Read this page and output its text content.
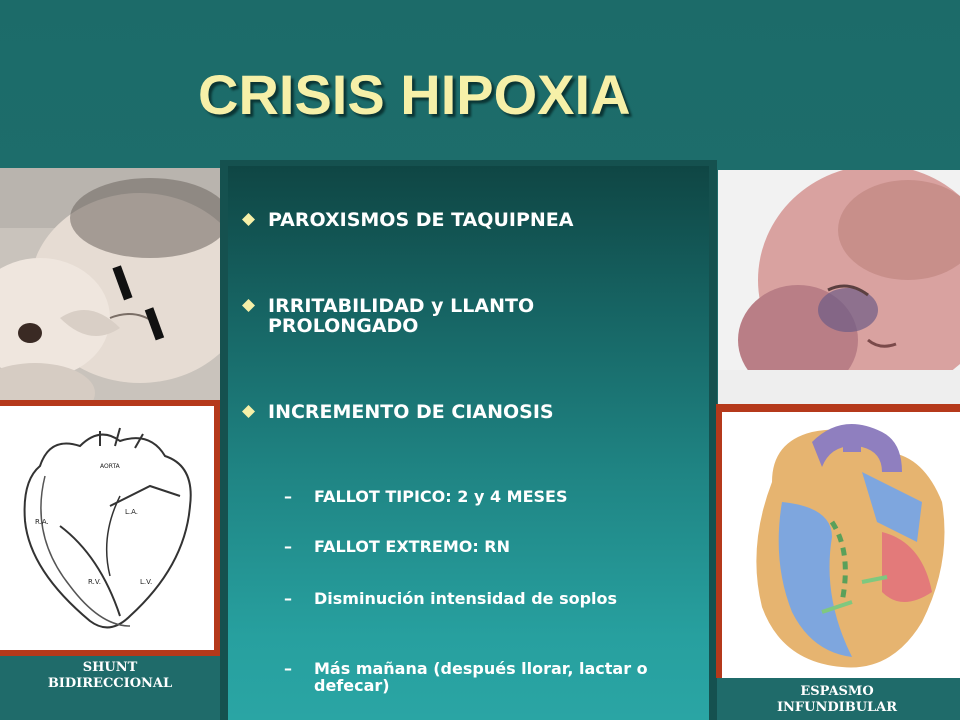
CRISIS HIPOXIA
R.A.
L.A.
AORTA
R.V.	L.V.
SHUNT BIDIRECCIONAL
PAROXISMOS DE TAQUIPNEA
IRRITABILIDAD y LLANTO PROLONGADO
INCREMENTO DE CIANOSIS
–	FALLOT TIPICO: 2 y 4 MESES
–	FALLOT EXTREMO: RN
–	Disminución intensidad de soplos
–	Más mañana (después llorar, lactar o defecar)	ESPASMO INFUNDIBULAR
